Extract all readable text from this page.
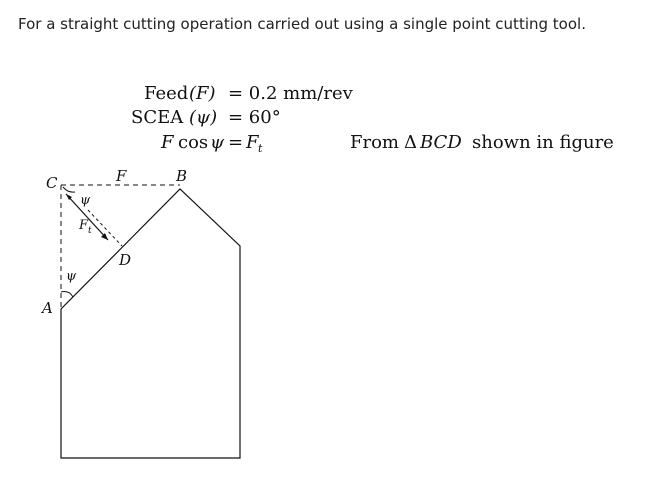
For a straight cutting operation carried out using a single point cutting tool.
Feed (F) = 0.2 mm/rev
SCEA (ψ) = 60°
F cos ψ = F t	From Δ BCD shown in figure
C	F	B
D
A
F t
ψ
ψ
